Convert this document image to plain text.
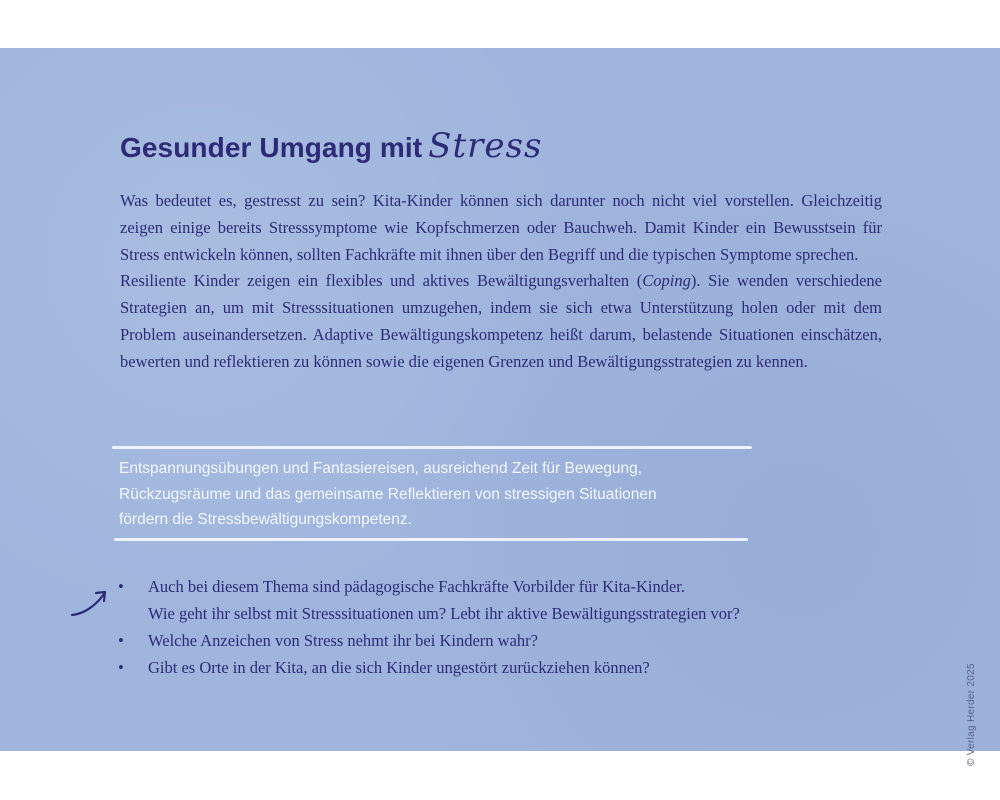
Gesunder Umgang mit Stress

Was bedeutet es, gestresst zu sein? Kita-Kinder können sich darunter noch nicht viel vorstellen. Gleichzeitig zeigen einige bereits Stresssymptome wie Kopfschmerzen oder Bauchweh. Damit Kinder ein Bewusstsein für Stress entwickeln können, sollten Fachkräfte mit ihnen über den Begriff und die typischen Symptome sprechen.

Resiliente Kinder zeigen ein flexibles und aktives Bewältigungsverhalten (Coping). Sie wenden verschiedene Strategien an, um mit Stresssituationen umzugehen, indem sie sich etwa Unterstützung holen oder mit dem Problem auseinandersetzen. Adaptive Bewältigungskompetenz heißt darum, belastende Situationen einschätzen, bewerten und reflektieren zu können sowie die eigenen Grenzen und Bewältigungsstrategien zu kennen.

Entspannungsübungen und Fantasiereisen, ausreichend Zeit für Bewegung,
Rückzugsräume und das gemeinsame Reflektieren von stressigen Situationen
fördern die Stressbewältigungskompetenz.
• Auch bei diesem Thema sind pädagogische Fachkräfte Vorbilder für Kita-Kinder.
Wie geht ihr selbst mit Stresssituationen um? Lebt ihr aktive Bewältigungsstrategien vor?
• Welche Anzeichen von Stress nehmt ihr bei Kindern wahr?
• Gibt es Orte in der Kita, an die sich Kinder ungestört zurückziehen können?	© Verlag Herder 2025
